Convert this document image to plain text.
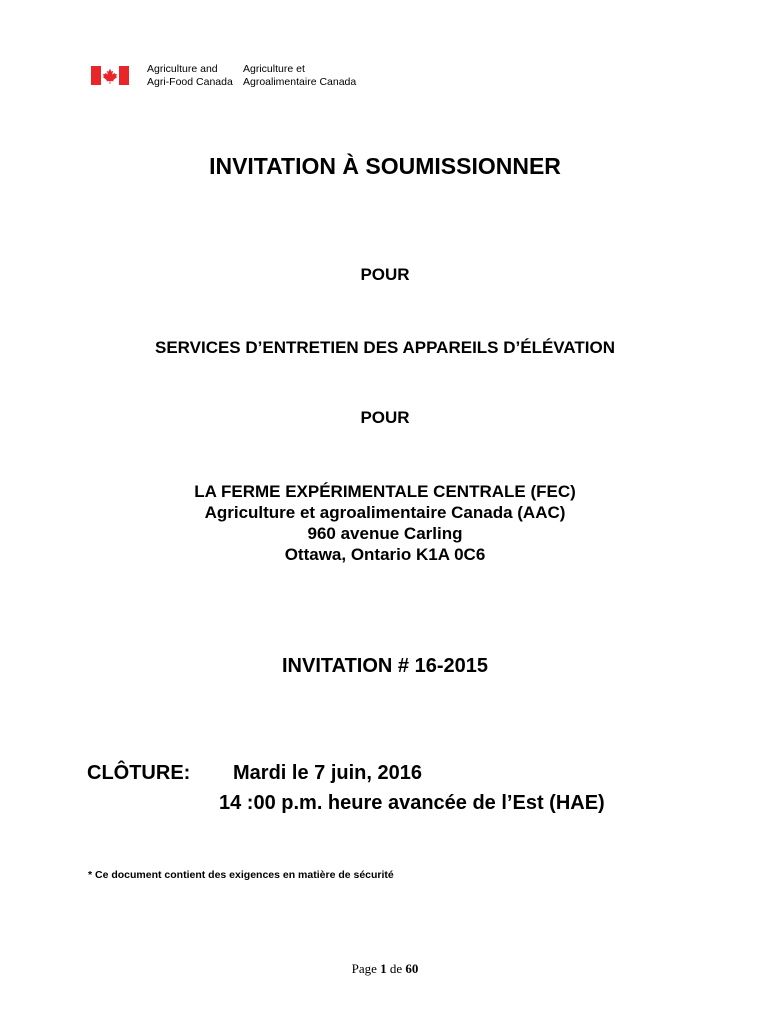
Agriculture and
Agri-Food Canada
Agriculture et
Agroalimentaire Canada
INVITATION À SOUMISSIONNER
POUR
SERVICES D’ENTRETIEN DES APPAREILS D’ÉLÉVATION
POUR
LA FERME EXPÉRIMENTALE CENTRALE (FEC)
Agriculture et agroalimentaire Canada (AAC)
960 avenue Carling
Ottawa, Ontario K1A 0C6
INVITATION # 16-2015
CLÔTURE: Mardi le 7 juin, 2016
14 :00 p.m. heure avancée de l’Est (HAE)
* Ce document contient des exigences en matière de sécurité
Page 1 de 60
